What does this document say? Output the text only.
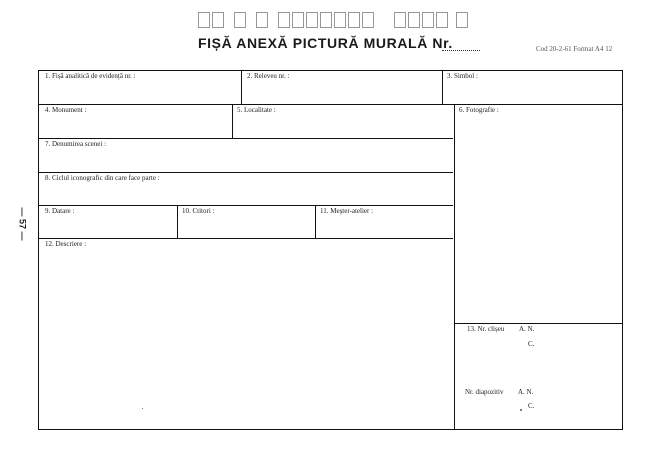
FIȘĂ ANEXĂ PICTURĂ MURALĂ Nr.	Cod 20-2-61 Format A4 12
— 57 —
1. Fișă analitică de evidență nr. :	2. Releveu nr. :	3. Simbol :
4. Monument :	5. Localitate :	6. Fotografie :
7. Denumirea scenei :
8. Ciclul iconografic din care face parte :
9. Datare :	10. Ctitori :	11. Meșter-atelier :
12. Descriere :
13. Nr. clișeu A. N.
C.
Nr. diapozitiv A. N.
C.
